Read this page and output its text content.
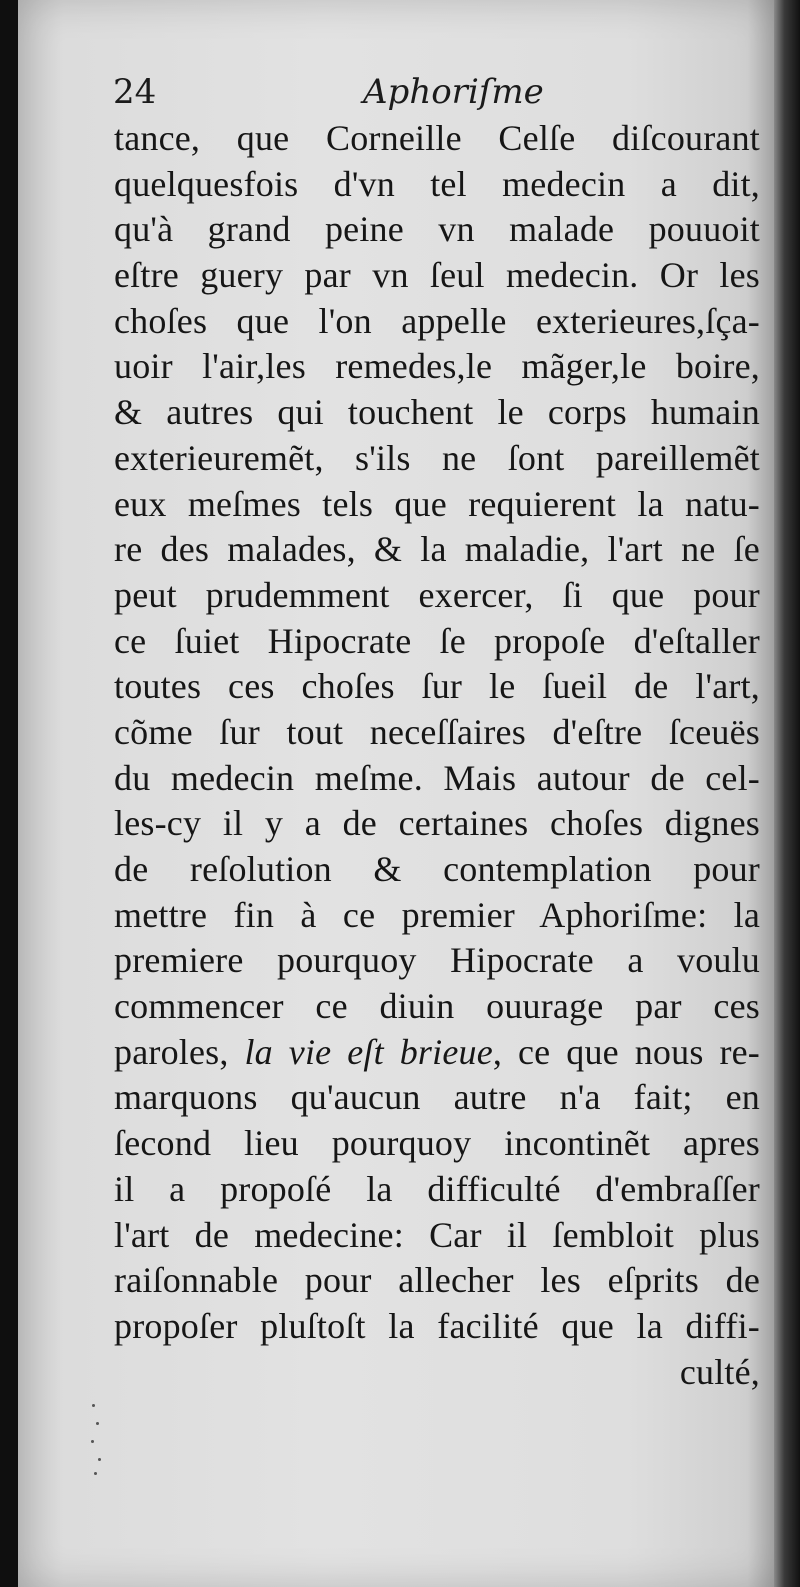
24	Aphoriſme
tance, que Corneille Celſe diſcourant
quelquesfois d'vn tel medecin a dit,
qu'à grand peine vn malade pouuoit
eſtre guery par vn ſeul medecin. Or les
choſes que l'on appelle exterieures,ſça-
uoir l'air,les remedes,le mãger,le boire,
& autres qui touchent le corps humain
exterieuremẽt, s'ils ne ſont pareillemẽt
eux meſmes tels que requierent la natu-
re des malades, & la maladie, l'art ne ſe
peut prudemment exercer, ſi que pour
ce ſuiet Hipocrate ſe propoſe d'eſtaller
toutes ces choſes ſur le ſueil de l'art,
cõme ſur tout neceſſaires d'eſtre ſceuës
du medecin meſme. Mais autour de cel-
les-cy il y a de certaines choſes dignes
de reſolution & contemplation pour
mettre fin à ce premier Aphoriſme: la
premiere pourquoy Hipocrate a voulu
commencer ce diuin ouurage par ces
paroles, la vie eſt brieue, ce que nous re-
marquons qu'aucun autre n'a fait; en
ſecond lieu pourquoy incontinẽt apres
il a propoſé la difficulté d'embraſſer
l'art de medecine: Car il ſembloit plus
raiſonnable pour allecher les eſprits de
propoſer pluſtoſt la facilité que la diffi-
culté,
